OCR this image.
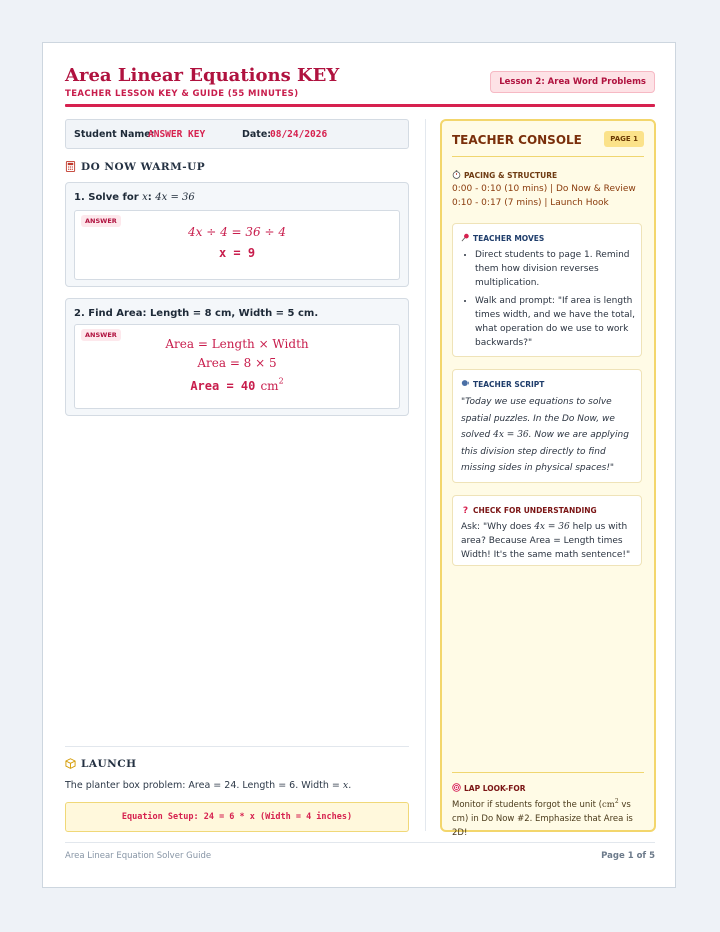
Area Linear Equations KEY
TEACHER LESSON KEY & GUIDE (55 MINUTES)
Lesson 2: Area Word Problems
Student Name:
ANSWER KEY	Date:
08/24/2026
DO NOW WARM-UP
1. Solve for x: 4x = 36
ANSWER
4x ÷ 4 = 36 ÷ 4
x = 9
2. Find Area: Length = 8 cm, Width = 5 cm.
ANSWER
Area = Length × Width
Area = 8 × 5
Area = 40 $cm^2$
LAUNCH
The planter box problem: Area = 24. Length = 6. Width = x.
Equation Setup: 24 = 6 * x (Width = 4 inches)
TEACHER CONSOLE	PAGE 1
PACING & STRUCTURE
0:00 - 0:10 (10 mins) | Do Now & Review
0:10 - 0:17 (7 mins) | Launch Hook
TEACHER MOVES
• Direct students to page 1. Remind them how division reverses multiplication.
• Walk and prompt: "If area is length times width, and we have the total, what operation do we use to work backwards?"
TEACHER SCRIPT
"Today we use equations to solve spatial puzzles. In the Do Now, we solved 4x = 36. Now we are applying this division step directly to find missing sides in physical spaces!"
? CHECK FOR UNDERSTANDING
Ask: "Why does 4x = 36 help us with area? Because Area = Length times Width! It's the same math sentence!"
LAP LOOK-FOR
Monitor if students forgot the unit ($cm^2$ vs cm) in Do Now #2. Emphasize that Area is 2D!
Area Linear Equation Solver Guide	Page 1 of 5
